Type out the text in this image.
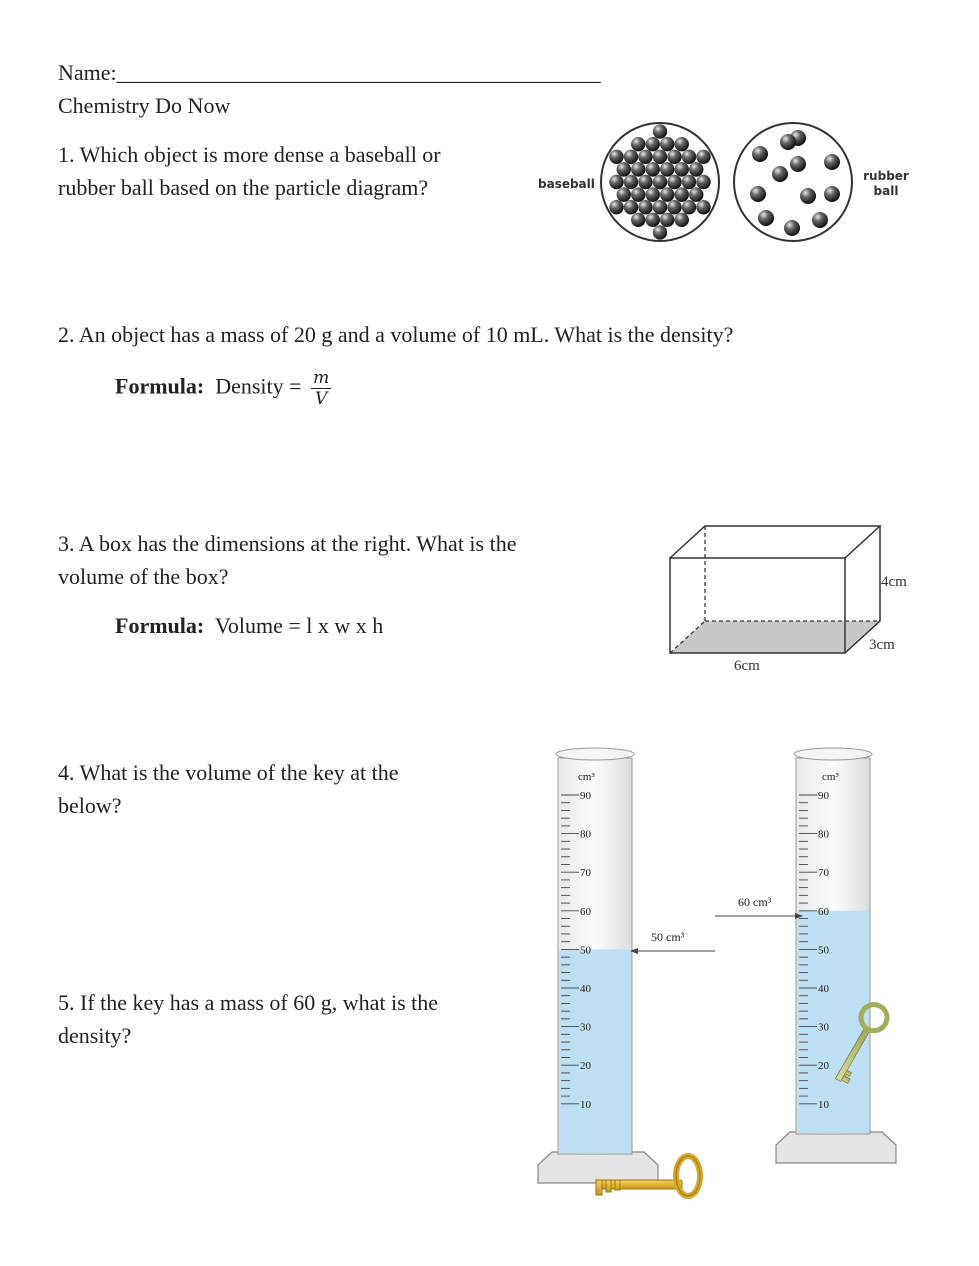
Name:____________________________________________
Chemistry Do Now
1. Which object is more dense a baseball or
rubber ball based on the particle diagram?	baseball
rubber
ball
2. An object has a mass of 20 g and a volume of 10 mL. What is the density?
Formula: Density = $\frac{m}{V}$
3. A box has the dimensions at the right. What is the
volume of the box?
Formula: Volume = l x w x h
4cm
3cm
6cm
4. What is the volume of the key at the
below?
5. If the key has a mass of 60 g, what is the
density?
90
80
70
60
50
40
30
20
10
cm³
90
80
70
60
50
40
30
20
10
cm³
50 cm³
60 cm³
